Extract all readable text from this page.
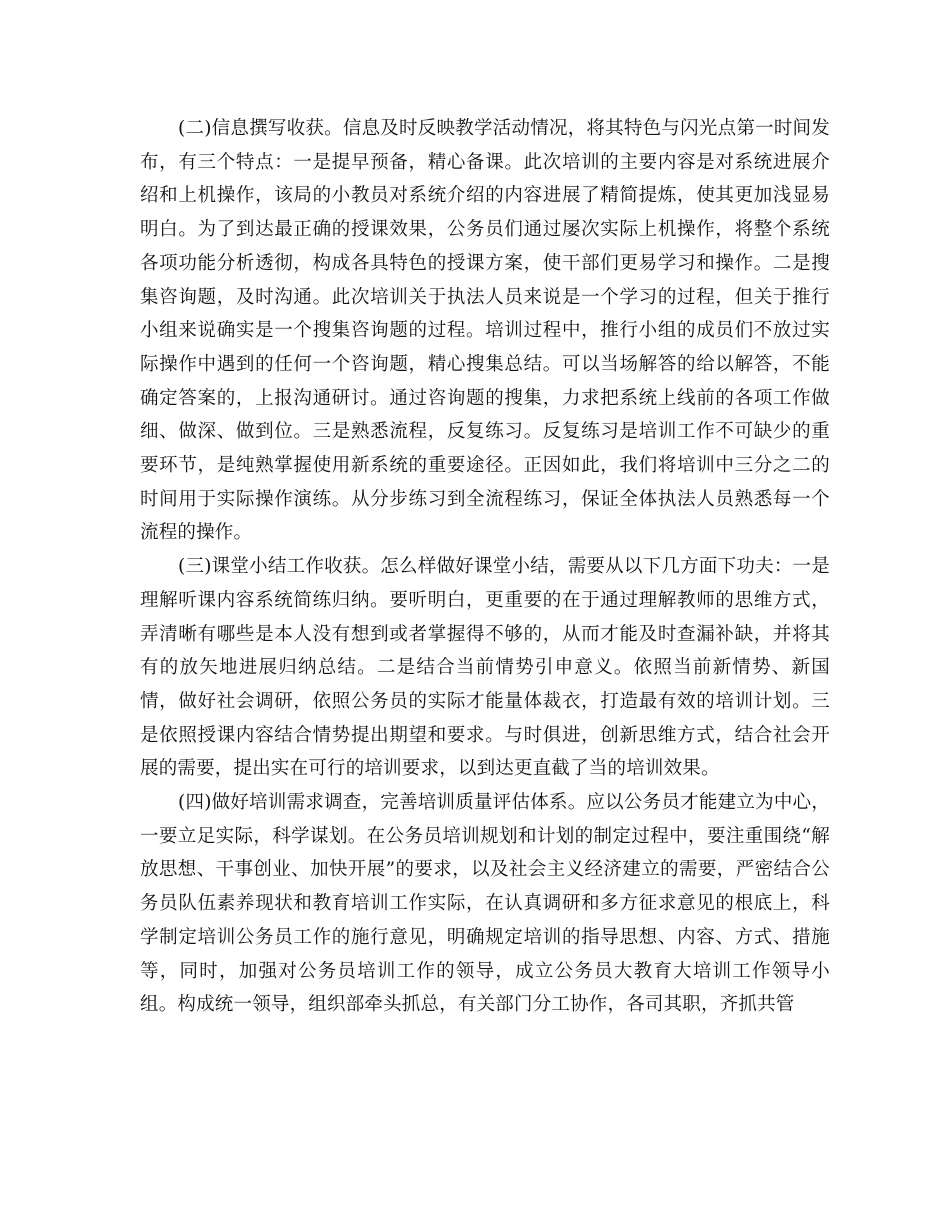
(二)信息撰写收获。信息及时反映教学活动情况，将其特色与闪光点第一时间发布，有三个特点：一是提早预备，精心备课。此次培训的主要内容是对系统进展介绍和上机操作，该局的小教员对系统介绍的内容进展了精简提炼，使其更加浅显易明白。为了到达最正确的授课效果，公务员们通过屡次实际上机操作，将整个系统各项功能分析透彻，构成各具特色的授课方案，使干部们更易学习和操作。二是搜集咨询题，及时沟通。此次培训关于执法人员来说是一个学习的过程，但关于推行小组来说确实是一个搜集咨询题的过程。培训过程中，推行小组的成员们不放过实际操作中遇到的任何一个咨询题，精心搜集总结。可以当场解答的给以解答，不能确定答案的，上报沟通研讨。通过咨询题的搜集，力求把系统上线前的各项工作做细、做深、做到位。三是熟悉流程，反复练习。反复练习是培训工作不可缺少的重要环节，是纯熟掌握使用新系统的重要途径。正因如此，我们将培训中三分之二的时间用于实际操作演练。从分步练习到全流程练习，保证全体执法人员熟悉每一个流程的操作。

(三)课堂小结工作收获。怎么样做好课堂小结，需要从以下几方面下功夫：一是理解听课内容系统简练归纳。要听明白，更重要的在于通过理解教师的思维方式，弄清晰有哪些是本人没有想到或者掌握得不够的，从而才能及时查漏补缺，并将其有的放矢地进展归纳总结。二是结合当前情势引申意义。依照当前新情势、新国情，做好社会调研，依照公务员的实际才能量体裁衣，打造最有效的培训计划。三是依照授课内容结合情势提出期望和要求。与时俱进，创新思维方式，结合社会开展的需要，提出实在可行的培训要求，以到达更直截了当的培训效果。

(四)做好培训需求调查，完善培训质量评估体系。应以公务员才能建立为中心，一要立足实际，科学谋划。在公务员培训规划和计划的制定过程中，要注重围绕“解放思想、干事创业、加快开展”的要求，以及社会主义经济建立的需要，严密结合公务员队伍素养现状和教育培训工作实际，在认真调研和多方征求意见的根底上，科学制定培训公务员工作的施行意见，明确规定培训的指导思想、内容、方式、措施等，同时，加强对公务员培训工作的领导，成立公务员大教育大培训工作领导小组。构成统一领导，组织部牵头抓总，有关部门分工协作，各司其职，齐抓共管
